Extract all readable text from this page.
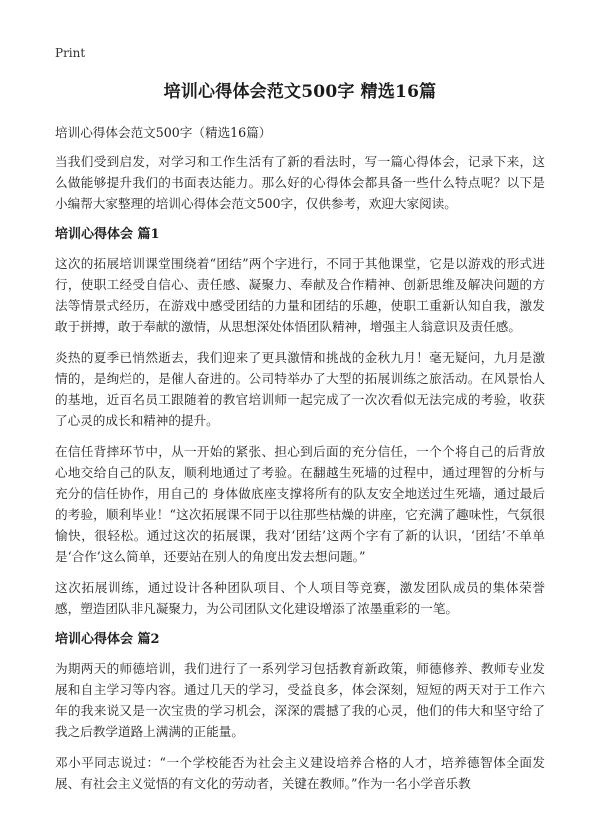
Print
培训心得体会范文500字 精选16篇

培训心得体会范文500字（精选16篇）

当我们受到启发，对学习和工作生活有了新的看法时，写一篇心得体会，记录下来，这么做能够提升我们的书面表达能力。那么好的心得体会都具备一些什么特点呢？以下是小编帮大家整理的培训心得体会范文500字，仅供参考，欢迎大家阅读。

培训心得体会 篇1

这次的拓展培训课堂围绕着“团结”两个字进行，不同于其他课堂，它是以游戏的形式进行，使职工经受自信心、责任感、凝聚力、奉献及合作精神、创新思维及解决问题的方法等情景式经历，在游戏中感受团结的力量和团结的乐趣，使职工重新认知自我，激发敢于拼搏，敢于奉献的激情，从思想深处体悟团队精神，增强主人翁意识及责任感。

炎热的夏季已悄然逝去，我们迎来了更具激情和挑战的金秋九月！毫无疑问，九月是激情的，是绚烂的，是催人奋进的。公司特举办了大型的拓展训练之旅活动。在风景怡人的基地，近百名员工跟随着的教官培训师一起完成了一次次看似无法完成的考验，收获了心灵的成长和精神的提升。

在信任背摔环节中，从一开始的紧张、担心到后面的充分信任，一个个将自己的后背放心地交给自己的队友，顺利地通过了考验。在翻越生死墙的过程中，通过理智的分析与充分的信任协作，用自己的 身体做底座支撑将所有的队友安全地送过生死墙，通过最后的考验，顺利毕业！“这次拓展课不同于以往那些枯燥的讲座，它充满了趣味性，气氛很愉快，很轻松。通过这次的拓展课，我对‘团结’这两个字有了新的认识，‘团结’不单单是‘合作’这么简单，还要站在别人的角度出发去想问题。”

这次拓展训练，通过设计各种团队项目、个人项目等竞赛，激发团队成员的集体荣誉感，塑造团队非凡凝聚力，为公司团队文化建设增添了浓墨重彩的一笔。

培训心得体会 篇2

为期两天的师德培训，我们进行了一系列学习包括教育新政策，师德修养、教师专业发展和自主学习等内容。通过几天的学习，受益良多，体会深刻，短短的两天对于工作六年的我来说又是一次宝贵的学习机会，深深的震撼了我的心灵，他们的伟大和坚守给了我之后教学道路上满满的正能量。

邓小平同志说过：“一个学校能否为社会主义建设培养合格的人才，培养德智体全面发展、有社会主义觉悟的有文化的劳动者，关键在教师。”作为一名小学音乐教
